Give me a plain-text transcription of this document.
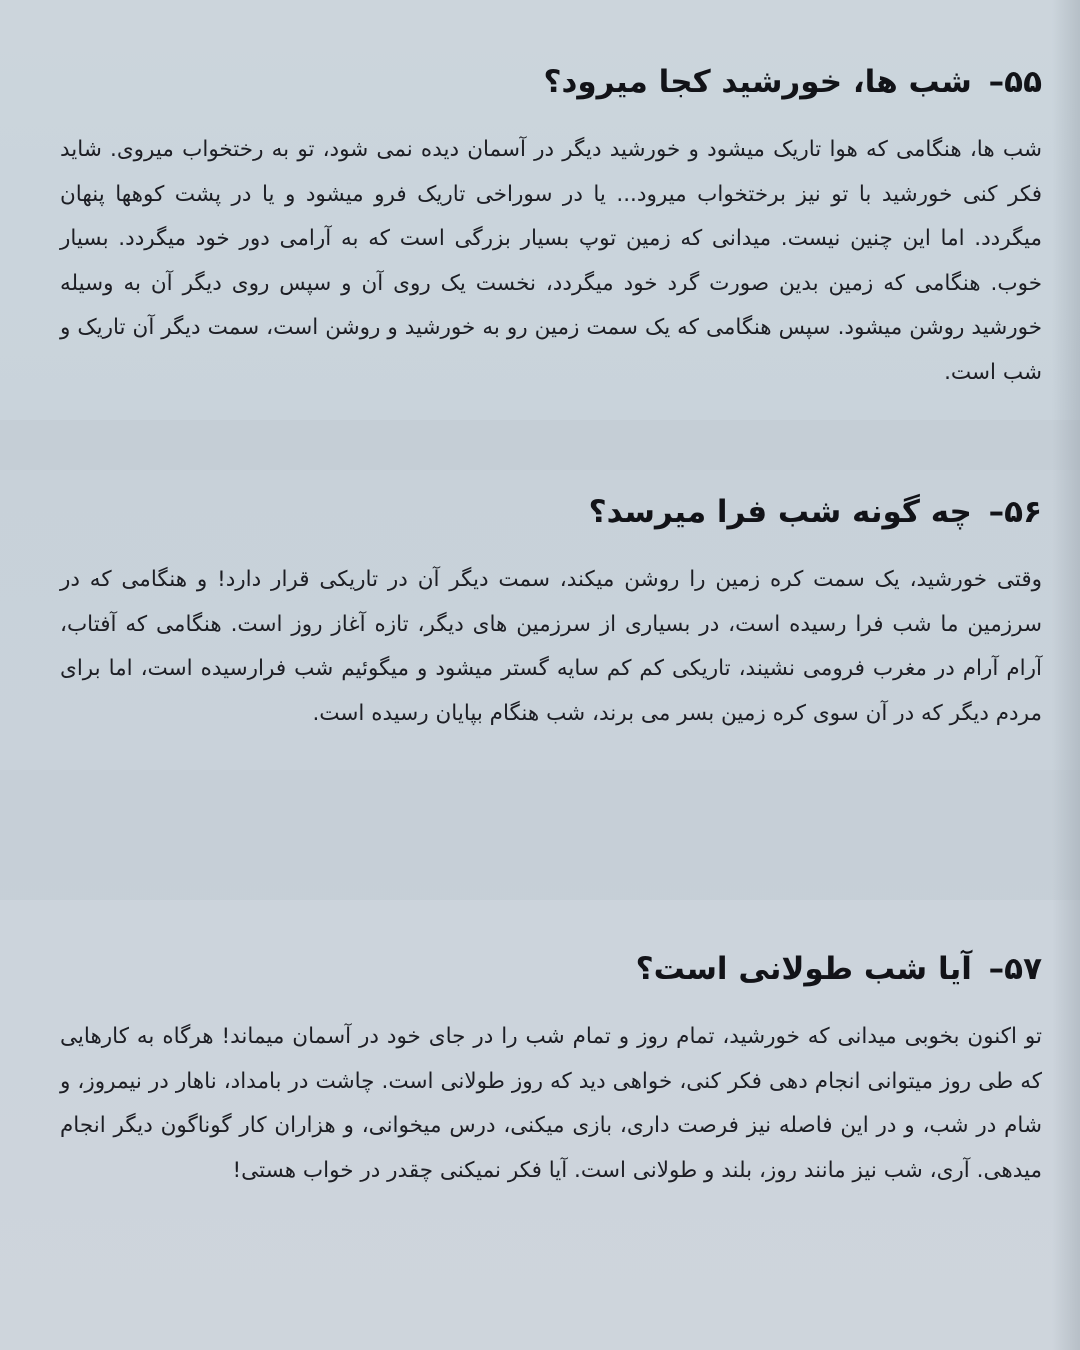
۵۵– شب ها، خورشید کجا میرود؟

شب ها، هنگامی که هوا تاریک میشود و خورشید دیگر در آسمان دیده نمی شود، تو به رختخواب میروی. شاید فکر کنی خورشید با تو نیز برختخواب میرود... یا در سوراخی تاریک فرو میشود و یا در پشت کوهها پنهان میگردد. اما این چنین نیست. میدانی که زمین توپ بسیار بزرگی است که به آرامی دور خود میگردد. بسیار خوب. هنگامی که زمین بدین صورت گرد خود میگردد، نخست یک روی آن و سپس روی دیگر آن به وسیله خورشید روشن میشود. سپس هنگامی که یک سمت زمین رو به خورشید و روشن است، سمت دیگر آن تاریک و شب است.

۵۶– چه گونه شب فرا میرسد؟

وقتی خورشید، یک سمت کره زمین را روشن میکند، سمت دیگر آن در تاریکی قرار دارد! و هنگامی که در سرزمین ما شب فرا رسیده است، در بسیاری از سرزمین های دیگر، تازه آغاز روز است. هنگامی که آفتاب، آرام آرام در مغرب فرومی نشیند، تاریکی کم کم سایه گستر میشود و میگوئیم شب فرارسیده است، اما برای مردم دیگر که در آن سوی کره زمین بسر می برند، شب هنگام بپایان رسیده است.

۵۷– آیا شب طولانی است؟

تو اکنون بخوبی میدانی که خورشید، تمام روز و تمام شب را در جای خود در آسمان میماند! هرگاه به کارهایی که طی روز میتوانی انجام دهی فکر کنی، خواهی دید که روز طولانی است. چاشت در بامداد، ناهار در نیمروز، و شام در شب، و در این فاصله نیز فرصت داری، بازی میکنی، درس میخوانی، و هزاران کار گوناگون دیگر انجام میدهی. آری، شب نیز مانند روز، بلند و طولانی است. آیا فکر نمیکنی چقدر در خواب هستی!
